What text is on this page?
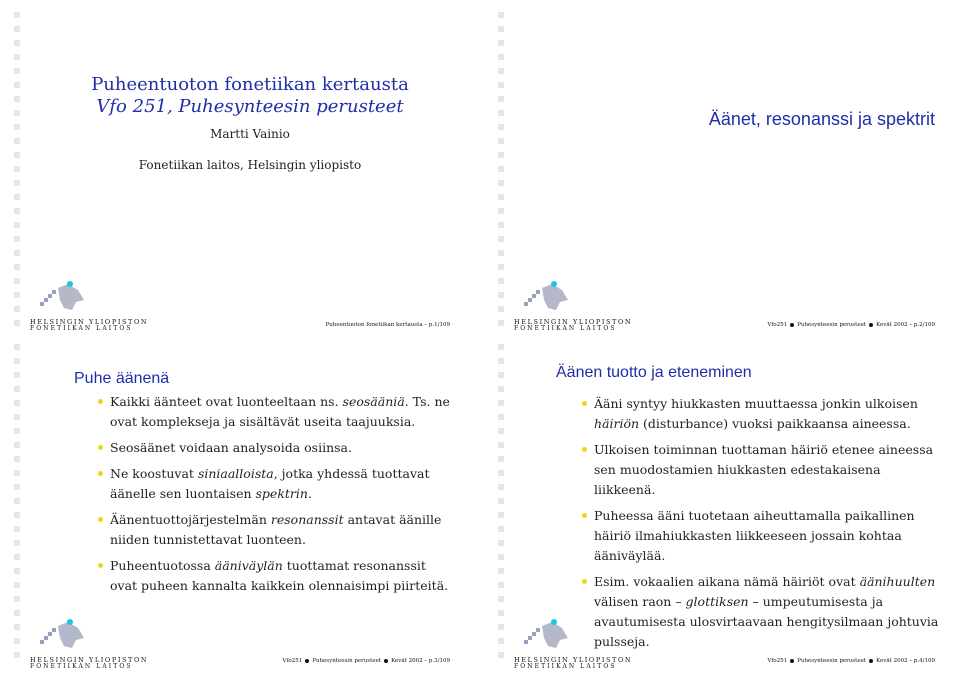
Puheentuoton fonetiikan kertausta
Vfo 251, Puhesynteesin perusteet
Martti Vainio
Fonetiikan laitos, Helsingin yliopisto
HELSINGIN YLIOPISTON
FONETIIKAN LAITOS	Puheentuoton fonetiikan kertausta – p.1/109
Äänet, resonanssi ja spektrit
HELSINGIN YLIOPISTON
FONETIIKAN LAITOS	Vfo251 Puhesynteesin perusteet Kevät 2002 – p.2/109
Puhe äänenä
Kaikki äänteet ovat luonteeltaan ns. seosääniä. Ts. ne ovat komplekseja ja sisältävät useita taajuuksia.
Seosäänet voidaan analysoida osiinsa.
Ne koostuvat siniaalloista, jotka yhdessä tuottavat äänelle sen luontaisen spektrin.
Äänentuottojärjestelmän resonanssit antavat äänille niiden tunnistettavat luonteen.
Puheentuotossa ääniväylän tuottamat resonanssit ovat puheen kannalta kaikkein olennaisimpi piirteitä.
HELSINGIN YLIOPISTON
FONETIIKAN LAITOS
Vfo251 Puhesynteesin perusteet Kevät 2002 – p.3/109
Äänen tuotto ja eteneminen
Ääni syntyy hiukkasten muuttaessa jonkin ulkoisen häiriön (disturbance) vuoksi paikkaansa aineessa.
Ulkoisen toiminnan tuottaman häiriö etenee aineessa sen muodostamien hiukkasten edestakaisena liikkeenä.
Puheessa ääni tuotetaan aiheuttamalla paikallinen häiriö ilmahiukkasten liikkeeseen jossain kohtaa ääniväylää.
Esim. vokaalien aikana nämä häiriöt ovat äänihuulten välisen raon – glottiksen – umpeutumisesta ja avautumisesta ulosvirtaavaan hengitysilmaan johtuvia pulsseja.
HELSINGIN YLIOPISTON
FONETIIKAN LAITOS
Vfo251 Puhesynteesin perusteet Kevät 2002 – p.4/109
